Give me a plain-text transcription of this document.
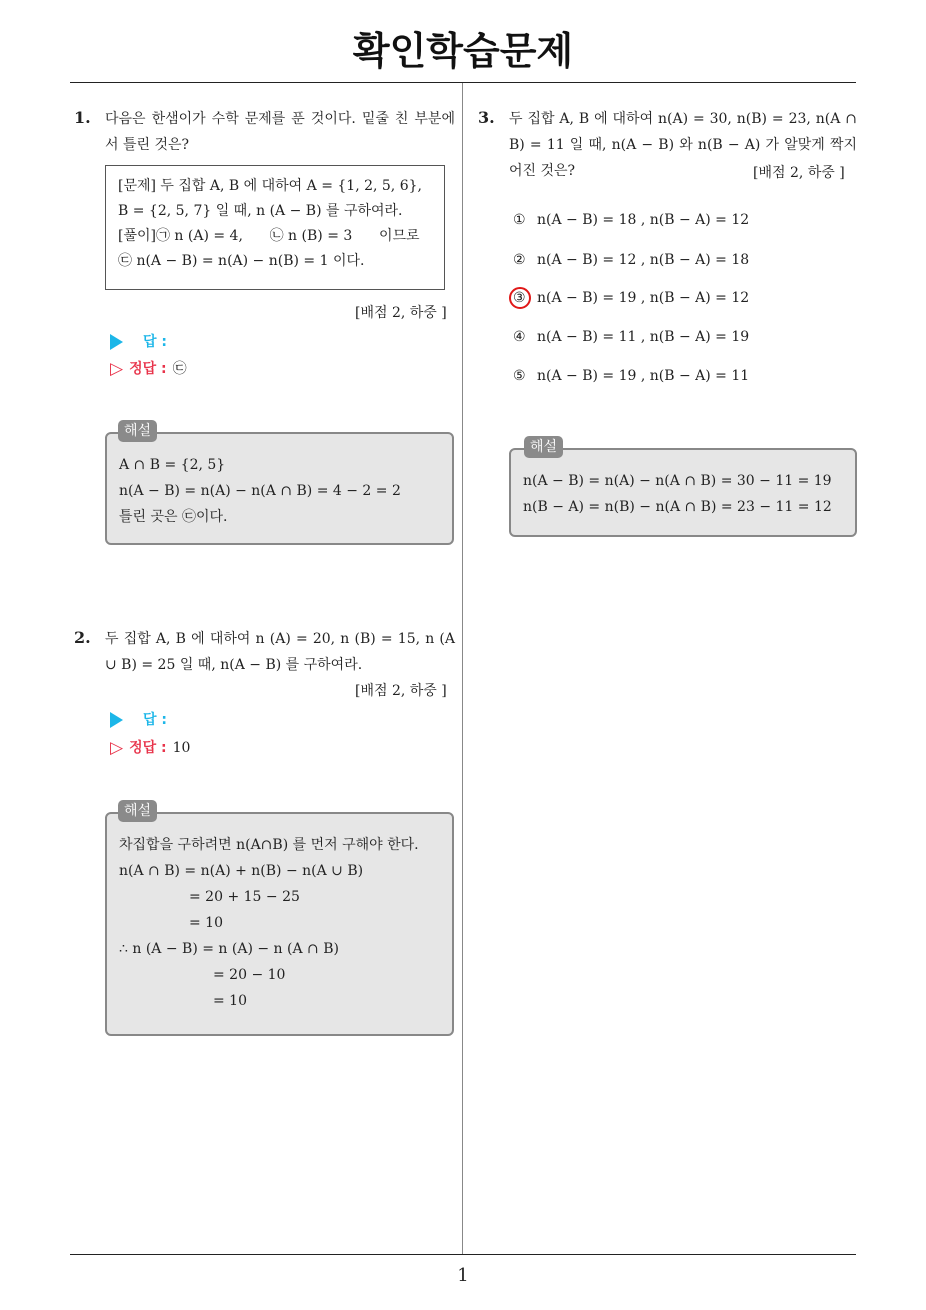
확인학습문제
1. 다음은 한샘이가 수학 문제를 푼 것이다. 밑줄 친 부분에서 틀린 것은?
[문제] 두 집합 A, B 에 대하여 A = {1, 2, 5, 6},
B = {2, 5, 7} 일 때, n (A − B) 를 구하여라.
[풀이]㉠ n (A) = 4,      ㉡ n (B) = 3      이므로
㉢ n(A − B) = n(A) − n(B) = 1 이다.
[배점 2, 하중 ]
답 :
▷ 정답 : ㉢
A ∩ B = {2, 5}
n(A − B) = n(A) − n(A ∩ B) = 4 − 2 = 2
틀린 곳은 ㉢이다.
해설
2. 두 집합 A, B 에 대하여 n (A) = 20, n (B) = 15, n (A ∪ B) = 25 일 때, n(A − B) 를 구하여라.
[배점 2, 하중 ]
답 :
▷ 정답 : 10
차집합을 구하려면 n(A∩B) 를 먼저 구해야 한다.
n(A ∩ B) = n(A) + n(B) − n(A ∪ B)
= 20 + 15 − 25
= 10
∴ n (A − B) = n (A) − n (A ∩ B)
= 20 − 10
= 10
해설
3. 두 집합 A, B 에 대하여 n(A) = 30, n(B) = 23, n(A ∩ B) = 11 일 때, n(A − B) 와 n(B − A) 가 알맞게 짝지어진 것은?	[배점 2, 하중 ]
① n(A − B) = 18 , n(B − A) = 12
② n(A − B) = 12 , n(B − A) = 18
③ n(A − B) = 19 , n(B − A) = 12
④ n(A − B) = 11 , n(B − A) = 19
⑤ n(A − B) = 19 , n(B − A) = 11
n(A − B) = n(A) − n(A ∩ B) = 30 − 11 = 19
n(B − A) = n(B) − n(A ∩ B) = 23 − 11 = 12
해설
1
